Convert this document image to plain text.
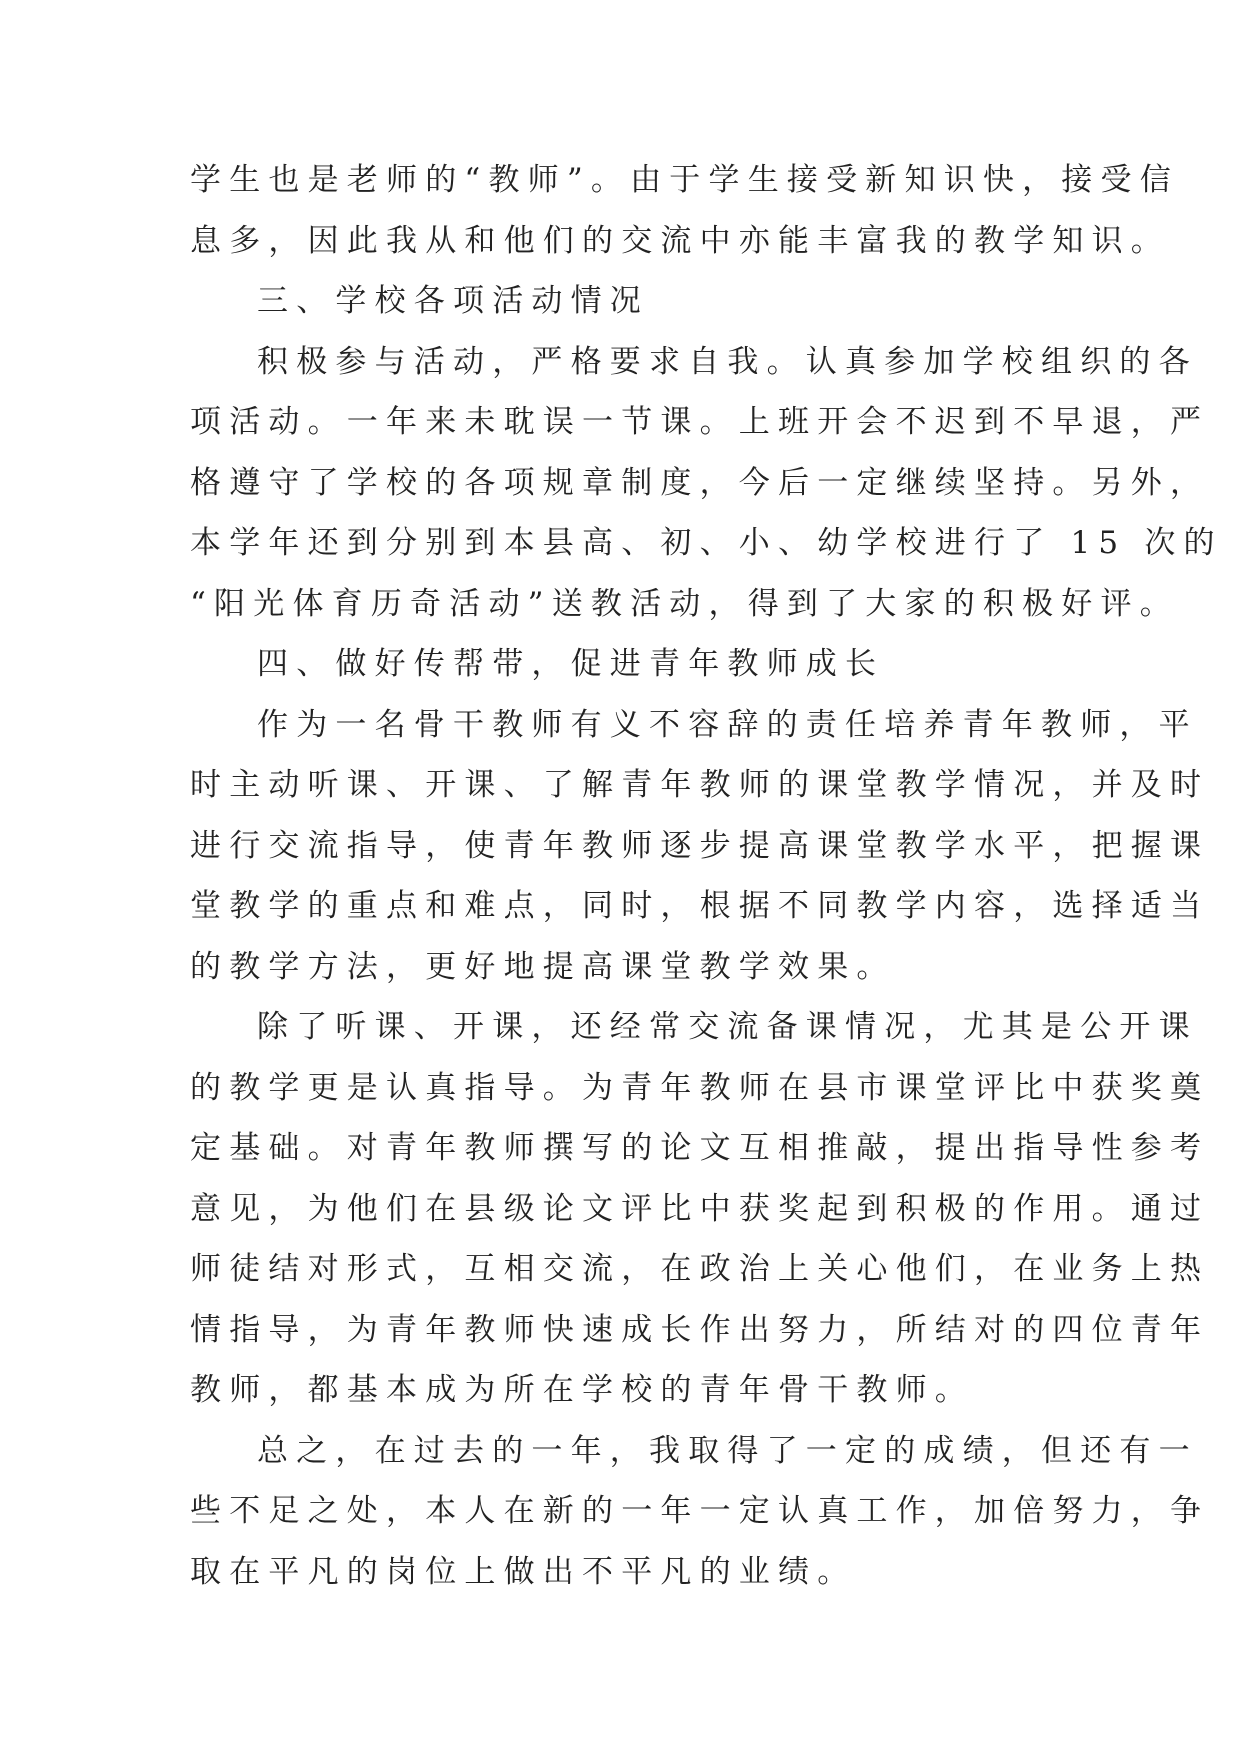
学生也是老师的“教师”。由于学生接受新知识快，接受信
息多，因此我从和他们的交流中亦能丰富我的教学知识。
三、学校各项活动情况
积极参与活动，严格要求自我。认真参加学校组织的各
项活动。一年来未耽误一节课。上班开会不迟到不早退，严
格遵守了学校的各项规章制度，今后一定继续坚持。另外，
本学年还到分别到本县高、初、小、幼学校进行了 15 次的
“阳光体育历奇活动”送教活动，得到了大家的积极好评。
四、做好传帮带，促进青年教师成长
作为一名骨干教师有义不容辞的责任培养青年教师，平
时主动听课、开课、了解青年教师的课堂教学情况，并及时
进行交流指导，使青年教师逐步提高课堂教学水平，把握课
堂教学的重点和难点，同时，根据不同教学内容，选择适当
的教学方法，更好地提高课堂教学效果。
除了听课、开课，还经常交流备课情况，尤其是公开课
的教学更是认真指导。为青年教师在县市课堂评比中获奖奠
定基础。对青年教师撰写的论文互相推敲，提出指导性参考
意见，为他们在县级论文评比中获奖起到积极的作用。通过
师徒结对形式，互相交流，在政治上关心他们，在业务上热
情指导，为青年教师快速成长作出努力，所结对的四位青年
教师，都基本成为所在学校的青年骨干教师。
总之，在过去的一年，我取得了一定的成绩，但还有一
些不足之处，本人在新的一年一定认真工作，加倍努力，争
取在平凡的岗位上做出不平凡的业绩。
